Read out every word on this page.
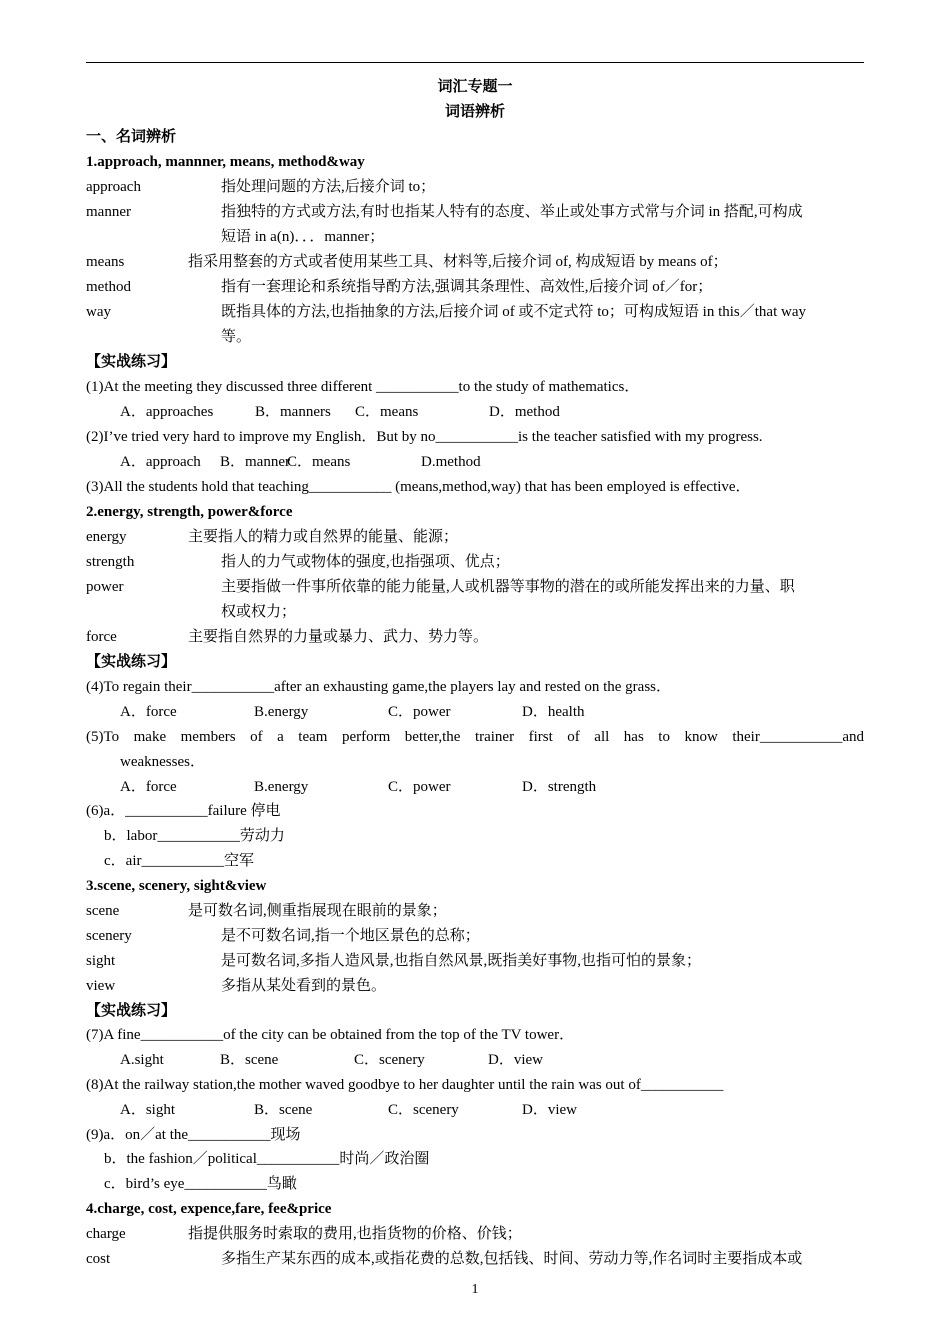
词汇专题一
词语辨析
一、名词辨析
1.approach, mannner, means, method&way
approach	指处理问题的方法,后接介词 to；
manner	指独特的方式或方法,有时也指某人特有的态度、举止或处事方式常与介词 in 搭配,可构成
短语 in a(n)．．．manner；
means	指采用整套的方式或者使用某些工具、材料等,后接介词 of, 构成短语 by means of；
method	指有一套理论和系统指导酌方法,强调其条理性、高效性,后接介词 of／for；
way	既指具体的方法,也指抽象的方法,后接介词 of 或不定式符 to；可构成短语 in this／that way
等。
【实战练习】
(1)At the meeting they discussed three different ___________to the study of mathematics．
A．approaches	B．manners C．means	D．method
(2)I’ve tried very hard to improve my English．But by no___________is the teacher satisfied with my progress.
A．approach B．mannerC．means	D.method
(3)All the students hold that teaching___________ (means,method,way) that has been employed is effective．
2.energy, strength, power&force
energy	主要指人的精力或自然界的能量、能源；
strength	指人的力气或物体的强度,也指强项、优点；
power	主要指做一件事所依靠的能力能量,人或机器等事物的潜在的或所能发挥出来的力量、职
权或权力；
force	主要指自然界的力量或暴力、武力、势力等。
【实战练习】
(4)To regain their___________after an exhausting game,the players lay and rested on the grass．
A．force	B.energy	C．power	D．health
(5)To make members of a team perform better,the trainer first of all has to know their___________and
weaknesses．
A．force	B.energy	C．power	D．strength
(6)a．___________failure 停电
b．labor___________劳动力
c．air___________空军
3.scene, scenery, sight&view
scene	是可数名词,侧重指展现在眼前的景象；
scenery	是不可数名词,指一个地区景色的总称；
sight	是可数名词,多指人造风景,也指自然风景,既指美好事物,也指可怕的景象；
view	多指从某处看到的景色。
【实战练习】
(7)A fine___________of the city can be obtained from the top of the TV tower．
A.sight	B．scene	C．scenery	D．view
(8)At the railway station,the mother waved goodbye to her daughter until the rain was out of___________
A．sight	B．scene	C．scenery	D．view
(9)a．on／at the___________现场
b．the fashion／political___________时尚／政治圈
c．bird’s eye___________鸟瞰
4.charge, cost, expence,fare, fee&price
charge	指提供服务时索取的费用,也指货物的价格、价钱；
cost	多指生产某东西的成本,或指花费的总数,包括钱、时间、劳动力等,作名词时主要指成本或
1
